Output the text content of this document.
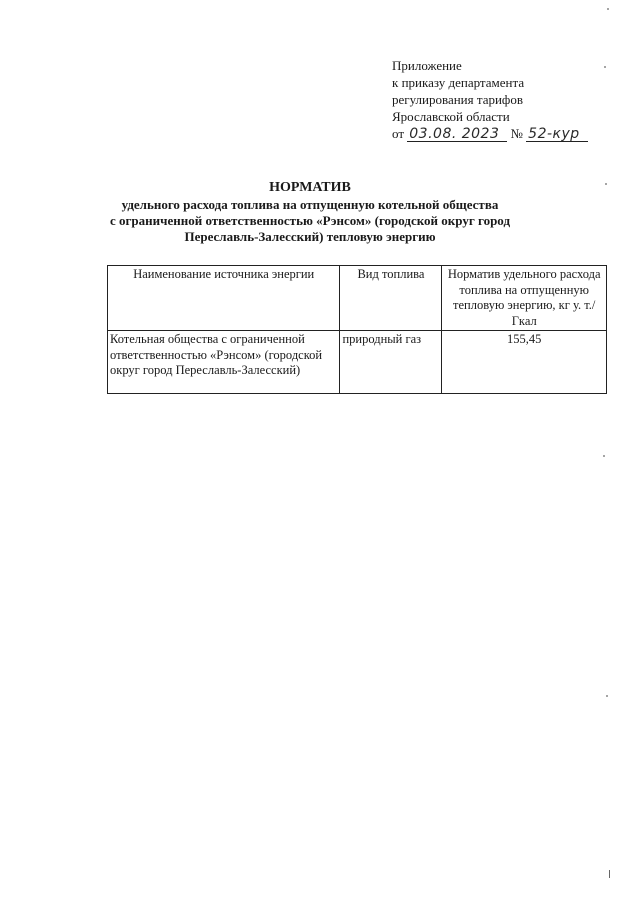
Приложение
к приказу департамента
регулирования тарифов
Ярославской области
от 03.08. 2023 № 52-кур
НОРМАТИВ
удельного расхода топлива на отпущенную котельной общества
с ограниченной ответственностью «Рэнсом» (городской округ город
Переславль-Залесский) тепловую энергию
Наименование источника энергии	Вид топлива	Норматив удельного расхода топлива на отпущенную тепловую энергию, кг у. т./ Гкал
Котельная общества с ограниченной ответственностью «Рэнсом» (городской округ город Переславль-Залесский)	природный газ	155,45
